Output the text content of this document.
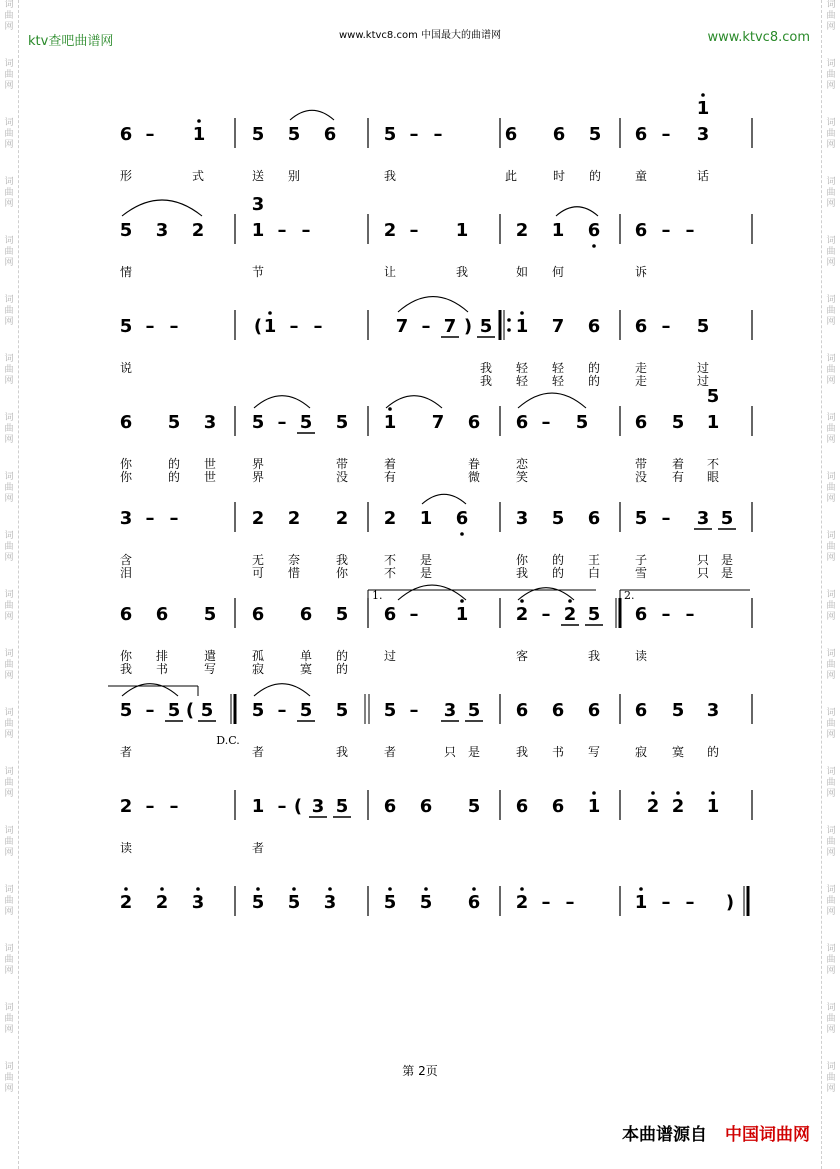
词
曲
网
词
曲
网
词
曲
网
词
曲
网
词
曲
网
词
曲
网
词
曲
网
词
曲
网
词
曲
网
词
曲
网
词
曲
网
词
曲
网
词
曲
网
词
曲
网
词
曲
网
词
曲
网
词
曲
网
词
曲
网
词
曲
网
词
曲
网
词
曲
网
词
曲
网
词
曲
网
词
曲
网
词
曲
网
词
曲
网
词
曲
网
词
曲
网
词
曲
网
词
曲
网
词
曲
网
词
曲
网
词
曲
网
词
曲
网
词
曲
网
词
曲
网
词
曲
网
词
曲
网
ktv查吧曲谱网	www.ktvc8.com 中国最大的曲谱网	www.ktvc8.com
6 – 1	5 5 6	5 – –	6 6 5 6 – 3
1
形	式	送 别	我	此	时 的	童	话
5 3 2	1 – –	2 – 1	2 1 6 6 – –
3
情	节	让	我	如 何	诉
5 – –	( 1 – –	7 – 7 ) 5 1 7 6 6 – 5
说	我 轻 轻 的	走	过
我 轻 轻 的	走	过
6 5 3 5 – 5 5 1 7 6 6 – 5	6 5 1
5
你	的 世	界	带	着	眷	恋	带 着 不
你	的 世	界	没	有	微	笑	没 有 眼
3 – –	2 2 2 2 1 6	3 5 6 5 – 3 5
含	无 奈	我	不 是	你 的 王	子	只 是
泪	可 惜	你	不 是	我 的 白	雪	只 是
1.	2.
6 6 5 6 6 5 6 – 1	2 – 2 5 6 – –
你 排	遣	孤	单 的	过	客	我	读
我 书	写	寂	寞 的
5 – 5 ( 5 5 – 5 5 5 – 3 5 6 6 6 6 5 3
D.C.
者	者	我	者	只 是	我 书 写	寂 寞 的
2 – –	1 – ( 3 5 6 6 5 6 6 1	2 2 1
读	者
2 2 3	5 5 3	5 5 6 2 – –	1 – – )
第 2页
本曲谱源自 中国词曲网
